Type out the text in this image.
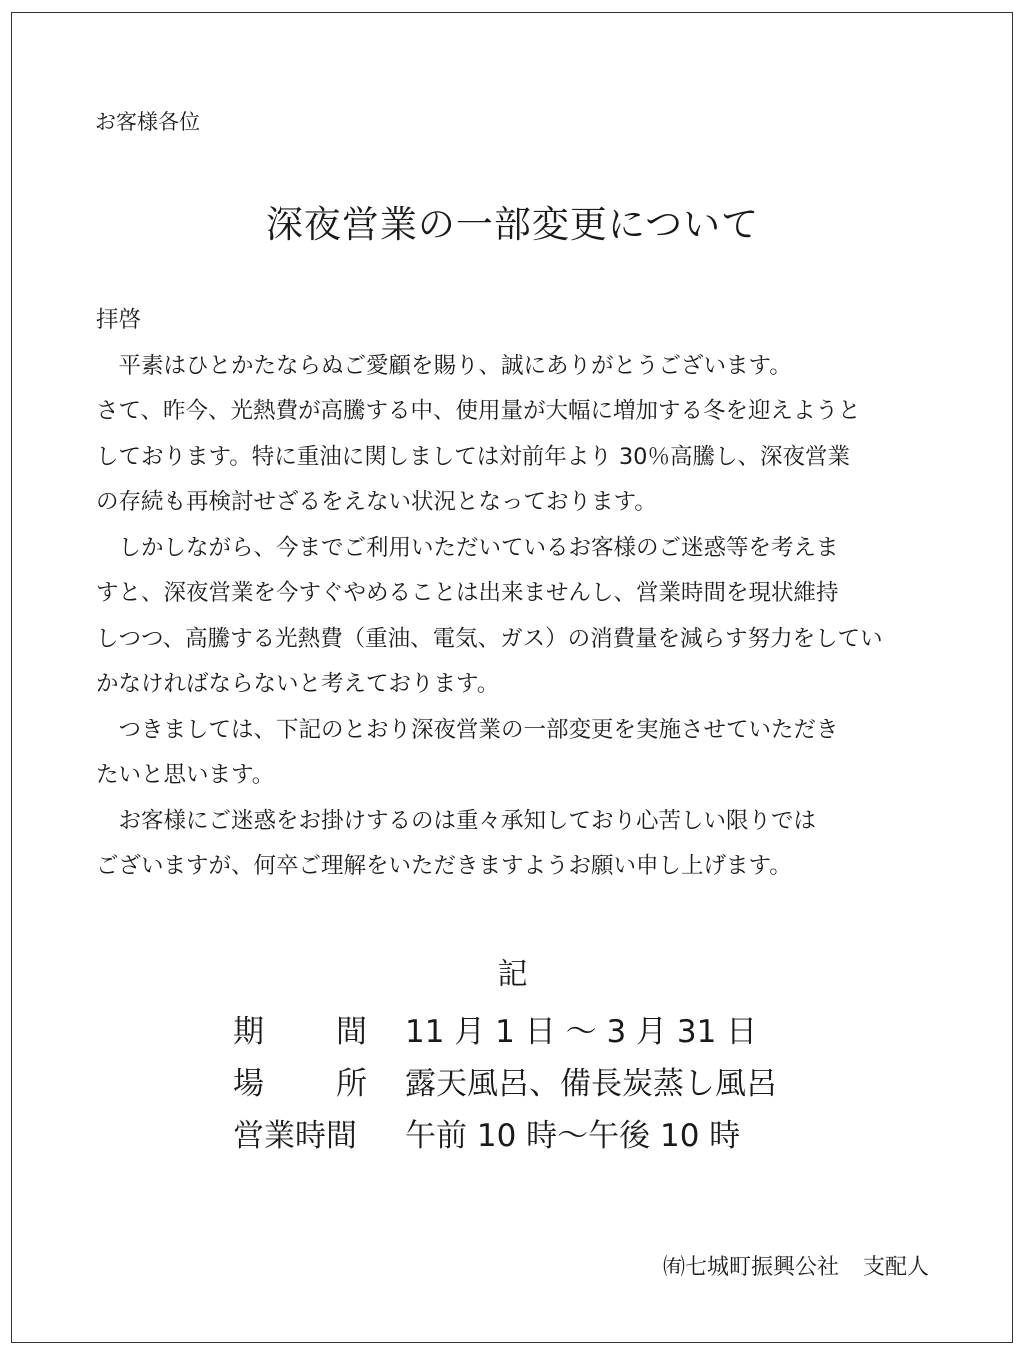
お客様各位
深夜営業の一部変更について

拝啓

平素はひとかたならぬご愛顧を賜り、誠にありがとうございます。

さて、昨今、光熱費が高騰する中、使用量が大幅に増加する冬を迎えようと

しております。特に重油に関しましては対前年より 30％高騰し、深夜営業

の存続も再検討せざるをえない状況となっております。

しかしながら、今までご利用いただいているお客様のご迷惑等を考えま

すと、深夜営業を今すぐやめることは出来ませんし、営業時間を現状維持

しつつ、高騰する光熱費（重油、電気、ガス）の消費量を減らす努力をしてい

かなければならないと考えております。

つきましては、下記のとおり深夜営業の一部変更を実施させていただき

たいと思います。

お客様にご迷惑をお掛けするのは重々承知しており心苦しい限りでは

ございますが、何卒ご理解をいただきますようお願い申し上げます。

記
期 間 11 月 1 日 〜 3 月 31 日
場 所 露天風呂、備長炭蒸し風呂
営業時間	午前 10 時〜午後 10 時
㈲七城町振興公社 支配人
